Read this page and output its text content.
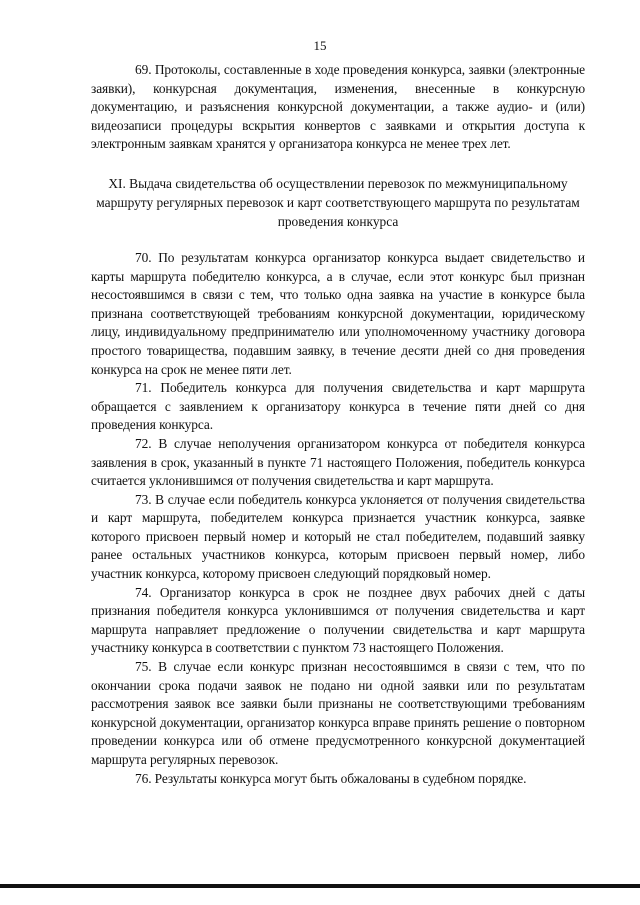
15

69. Протоколы, составленные в ходе проведения конкурса, заявки (электронные заявки), конкурсная документация, изменения, внесенные в конкурсную документацию, и разъяснения конкурсной документации, а также аудио- и (или) видеозаписи процедуры вскрытия конвертов с заявками и открытия доступа к электронным заявкам хранятся у организатора конкурса не менее трех лет.

XI. Выдача свидетельства об осуществлении перевозок по межмуниципальному маршруту регулярных перевозок и карт соответствующего маршрута по результатам проведения конкурса

70. По результатам конкурса организатор конкурса выдает свидетельство и карты маршрута победителю конкурса, а в случае, если этот конкурс был признан несостоявшимся в связи с тем, что только одна заявка на участие в конкурсе была признана соответствующей требованиям конкурсной документации, юридическому лицу, индивидуальному предпринимателю или уполномоченному участнику договора простого товарищества, подавшим заявку, в течение десяти дней со дня проведения конкурса на срок не менее пяти лет.

71. Победитель конкурса для получения свидетельства и карт маршрута обращается с заявлением к организатору конкурса в течение пяти дней со дня проведения конкурса.

72. В случае неполучения организатором конкурса от победителя конкурса заявления в срок, указанный в пункте 71 настоящего Положения, победитель конкурса считается уклонившимся от получения свидетельства и карт маршрута.

73. В случае если победитель конкурса уклоняется от получения свидетельства и карт маршрута, победителем конкурса признается участник конкурса, заявке которого присвоен первый номер и который не стал победителем, подавший заявку ранее остальных участников конкурса, которым присвоен первый номер, либо участник конкурса, которому присвоен следующий порядковый номер.

74. Организатор конкурса в срок не позднее двух рабочих дней с даты признания победителя конкурса уклонившимся от получения свидетельства и карт маршрута направляет предложение о получении свидетельства и карт маршрута участнику конкурса в соответствии с пунктом 73 настоящего Положения.

75. В случае если конкурс признан несостоявшимся в связи с тем, что по окончании срока подачи заявок не подано ни одной заявки или по результатам рассмотрения заявок все заявки были признаны не соответствующими требованиям конкурсной документации, организатор конкурса вправе принять решение о повторном проведении конкурса или об отмене предусмотренного конкурсной документацией маршрута регулярных перевозок.

76. Результаты конкурса могут быть обжалованы в судебном порядке.
